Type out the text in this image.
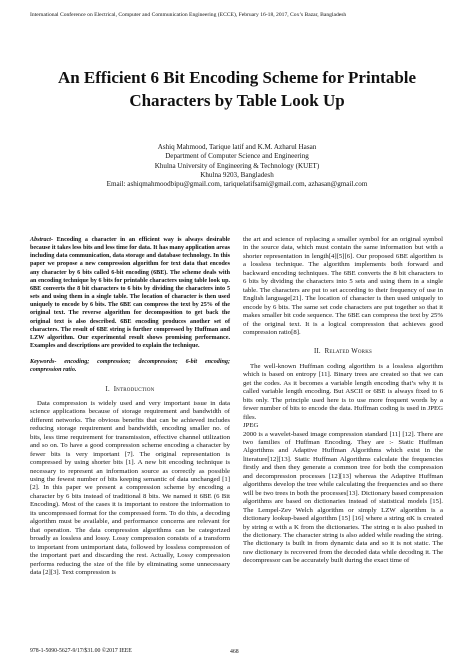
International Conference on Electrical, Computer and Communication Engineering (ECCE), February 16-18, 2017, Cox’s Bazar, Bangladesh
An Efficient 6 Bit Encoding Scheme for Printable
Characters by Table Look Up
Ashiq Mahmood, Tarique latif and K.M. Azharul Hasan
Department of Computer Science and Engineering
Khulna University of Engineering & Technology (KUET)
Khulna 9203, Bangladesh
Email: ashiqmahmoodbipu@gmail.com, tariquelatifsami@gmail.com, azhasan@gmail.com
Abstract- Encoding a character in an efficient way is always desirable because it takes less bits and less time for data. It has many application areas including data communication, data storage and database technology. In this paper we propose a new compression algorithm for text data that encodes any character by 6 bits called 6-bit encoding (6BE). The scheme deals with an encoding technique by 6 bits for printable characters using table look up. 6BE converts the 8 bit characters to 6 bits by dividing the characters into 5 sets and using them in a single table. The location of character is then used uniquely to encode by 6 bits. The 6BE can compress the text by 25% of the original text. The reverse algorithm for decomposition to get back the original text is also described. 6BE encoding produces another set of characters. The result of 6BE string is further compressed by Huffman and LZW algorithm. Our experimental result shows promising performance. Examples and descriptions are provided to explain the technique.
Keywords- encoding; compression; decompression; 6-bit encoding; compression ratio.
I. Introduction

Data compression is widely used and very important issue in data science applications because of storage requirement and bandwidth of different networks. The obvious benefits that can be achieved includes reducing storage requirement and bandwidth, encoding smaller no. of bits, less time requirement for transmission, effective channel utilization and so on. To have a good compression scheme encoding a character by fewer bits is very important [7]. The original representation is compressed by using shorter bits [1]. A new bit encoding technique is necessary to represent an information source as correctly as possible using the fewest number of bits keeping semantic of data unchanged [1][2]. In this paper we present a compression scheme by encoding a character by 6 bits instead of traditional 8 bits. We named it 6BE (6 Bit Encoding). Most of the cases it is important to restore the information to its uncompressed format for the compressed form. To do this, a decoding algorithm must be available, and performance concerns are relevant for that operation. The data compression algorithms can be categorized broadly as lossless and lossy. Lossy compression consists of a transform to important from unimportant data, followed by lossless compression of the important part and discarding the rest. Actually, Lossy compression performs reducing the size of the file by eliminating some unnecessary data [2][3]. Text compression is

the art and science of replacing a smaller symbol for an original symbol in the source data, which must contain the same information but with a shorter representation in length[4][5][6]. Our proposed 6BE algorithm is a lossless technique. The algorithm implements both forward and backward encoding techniques. The 6BE converts the 8 bit characters to 6 bits by dividing the characters into 5 sets and using them in a single table. The characters are put to set according to their frequency of use in English language[21]. The location of character is then used uniquely to encode by 6 bits. The same set code characters are put together so that it makes smaller bit code sequence. The 6BE can compress the text by 25% of the original text. It is a logical compression that achieves good compression ratio[8].

II. Related Works

The well-known Huffman coding algorithm is a lossless algorithm which is based on entropy [11]. Binary trees are created so that we can get the codes. As it becomes a variable length encoding that’s why it is called variable length encoding. But ASCII or 6BE is always fixed to 6 bits only. The principle used here is to use more frequent words by a fewer number of bits to encode the data. Huffman coding is used in JPEG files.

JPEG

2000 is a wavelet-based image compression standard [11] [12]. There are two families of Huffman Encoding. They are :- Static Huffman Algorithms and Adaptive Huffman Algorithms which exist in the literature[12][13]. Static Huffman Algorithms calculate the frequencies firstly and then they generate a common tree for both the compression and decompression processes [12][13] whereas the Adaptive Huffman algorithms develop the tree while calculating the frequencies and so there will be two trees in both the processes[13]. Dictionary based compression algorithms are based on dictionaries instead of statistical models [15]. The Lempel-Zev Welch algorithm or simply LZW algorithm is a dictionary lookup-based algorithm [15] [16] where a string αK is created by string α with a K from the dictionaries. The string α is also pushed in the dictionary. The character string is also added while reading the string. The dictionary is built in from dynamic data and so it is not static. The raw dictionary is recovered from the decoded data while decoding it. The decompressor can be accurately built during the exact time of

978-1-5090-5627-9/17/$31.00 ©2017 IEEE	468
